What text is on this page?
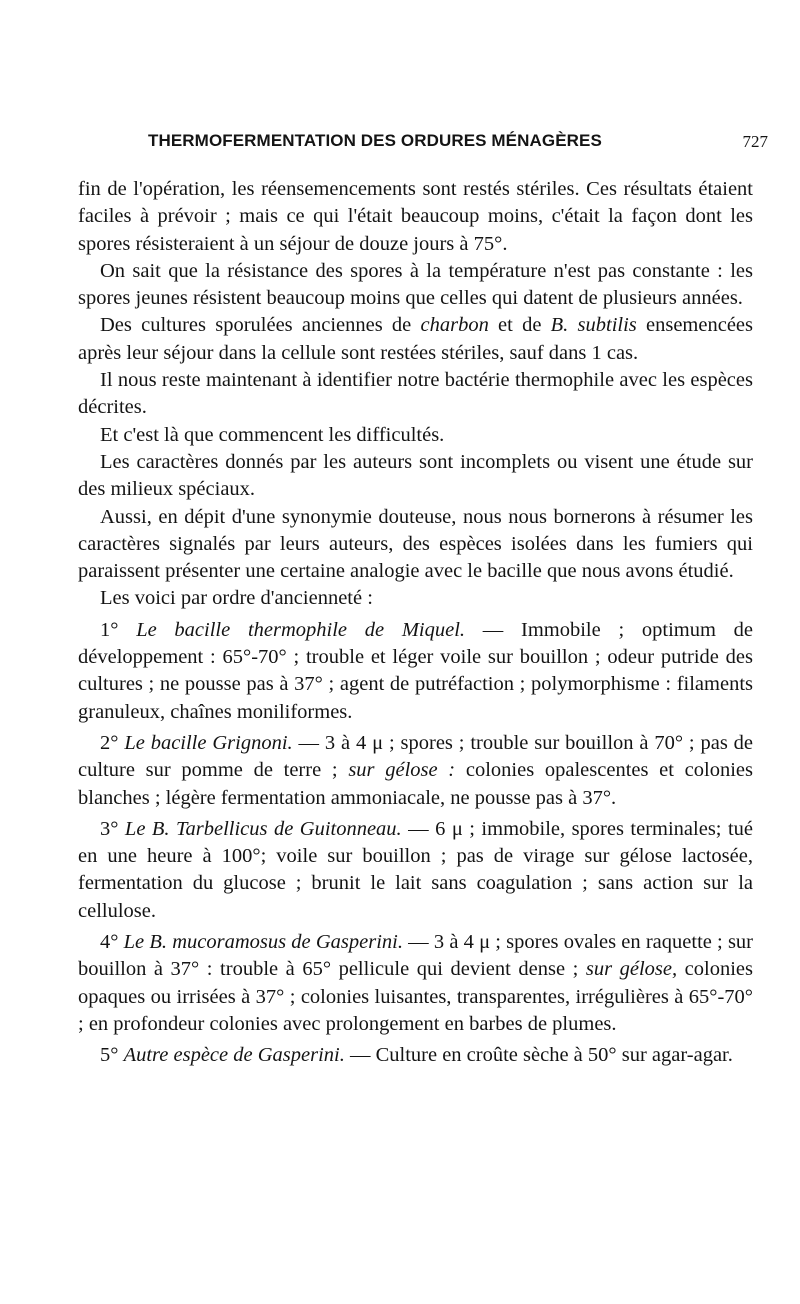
THERMOFERMENTATION DES ORDURES MÉNAGÈRES	727

fin de l'opération, les réensemencements sont restés stériles. Ces résultats étaient faciles à prévoir ; mais ce qui l'était beaucoup moins, c'était la façon dont les spores résisteraient à un séjour de douze jours à 75°.

On sait que la résistance des spores à la température n'est pas constante : les spores jeunes résistent beaucoup moins que celles qui datent de plusieurs années.

Des cultures sporulées anciennes de charbon et de B. subtilis ensemencées après leur séjour dans la cellule sont restées stériles, sauf dans 1 cas.

Il nous reste maintenant à identifier notre bactérie thermophile avec les espèces décrites.

Et c'est là que commencent les difficultés.

Les caractères donnés par les auteurs sont incomplets ou visent une étude sur des milieux spéciaux.

Aussi, en dépit d'une synonymie douteuse, nous nous bornerons à résumer les caractères signalés par leurs auteurs, des espèces isolées dans les fumiers qui paraissent présenter une certaine analogie avec le bacille que nous avons étudié.

Les voici par ordre d'ancienneté :

1° Le bacille thermophile de Miquel. — Immobile ; optimum de développement : 65°-70° ; trouble et léger voile sur bouillon ; odeur putride des cultures ; ne pousse pas à 37° ; agent de putréfaction ; polymorphisme : filaments granuleux, chaînes moniliformes.

2° Le bacille Grignoni. — 3 à 4 μ ; spores ; trouble sur bouillon à 70° ; pas de culture sur pomme de terre ; sur gélose : colonies opalescentes et colonies blanches ; légère fermentation ammoniacale, ne pousse pas à 37°.

3° Le B. Tarbellicus de Guitonneau. — 6 μ ; immobile, spores terminales; tué en une heure à 100°; voile sur bouillon ; pas de virage sur gélose lactosée, fermentation du glucose ; brunit le lait sans coagulation ; sans action sur la cellulose.

4° Le B. mucoramosus de Gasperini. — 3 à 4 μ ; spores ovales en raquette ; sur bouillon à 37° : trouble à 65° pellicule qui devient dense ; sur gélose, colonies opaques ou irrisées à 37° ; colonies luisantes, transparentes, irrégulières à 65°-70° ; en profondeur colonies avec prolongement en barbes de plumes.

5° Autre espèce de Gasperini. — Culture en croûte sèche à 50° sur agar-agar.
